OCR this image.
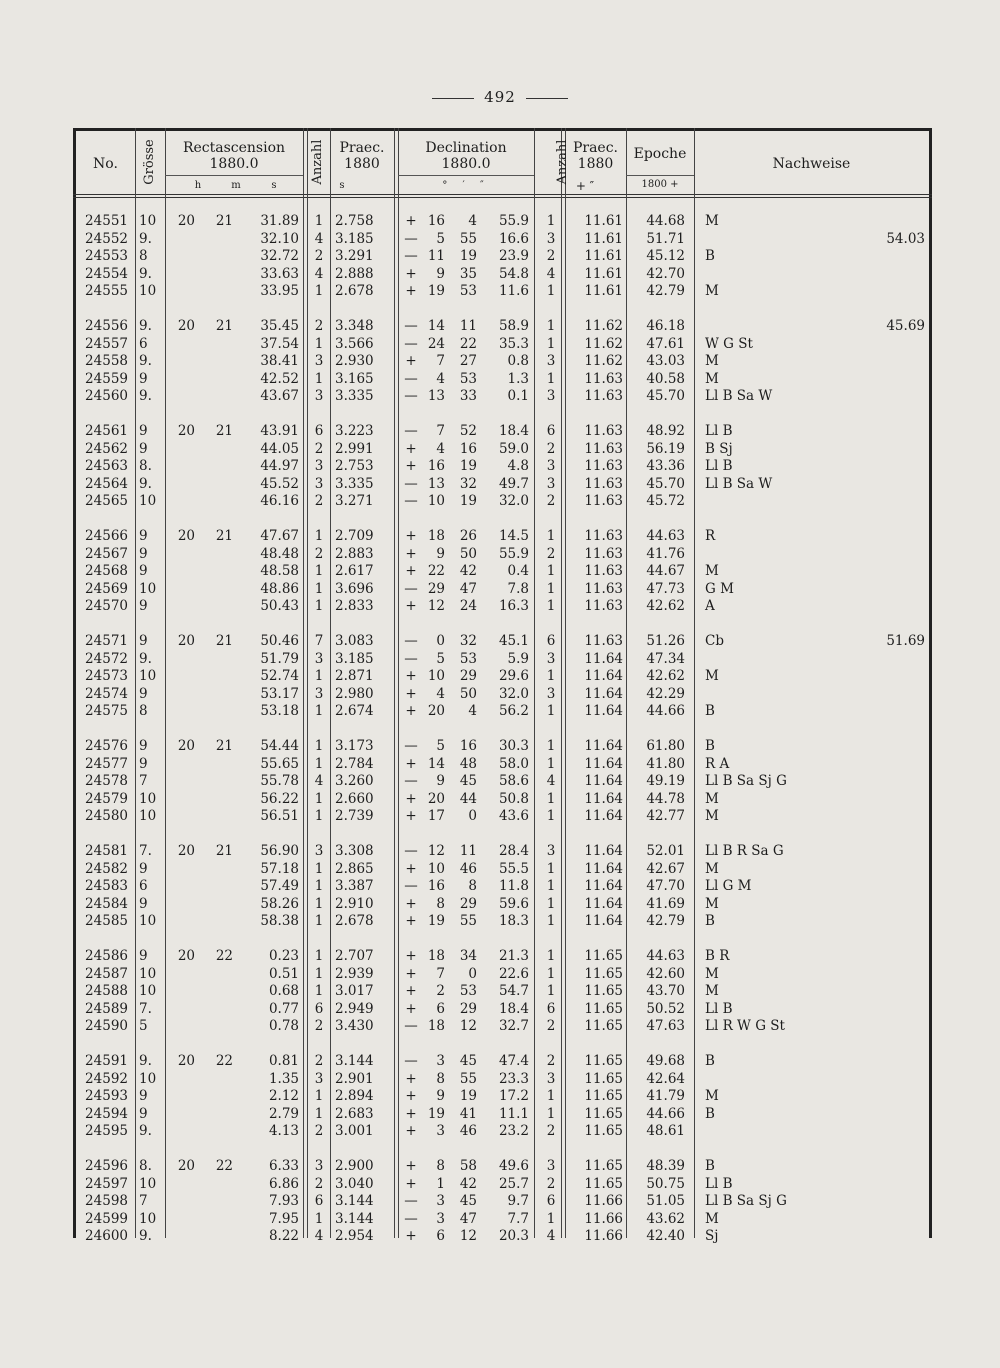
492
No.	Grösse	Rectascension
1880.0
h	m	s
Anzahl	Praec.
1880
s
Declination
1880.0
° ′ ″
Anzahl Praec.
1880
+ ″
Epoche
1800 +
Nachweise
24551 10	20	21	31.89	1 2.758	+ 16	4	55.9 1	11.61	44.68 M
24552 9.	32.10	4 3.185	—	5	55	16.6 3	11.61	51.71	54.03
24553 8	32.72	2 3.291	— 11	19	23.9 2	11.61	45.12 B
24554 9.	33.63	4 2.888	+	9	35	54.8 4	11.61	42.70
24555 10	33.95	1 2.678	+ 19	53	11.6 1	11.61	42.79 M
24556 9.	20	21	35.45	2 3.348	— 14	11	58.9 1	11.62	46.18	45.69
24557 6	37.54	1 3.566	— 24	22	35.3 1	11.62	47.61 W G St
24558 9.	38.41	3 2.930	+	7	27	0.8 3	11.62	43.03 M
24559 9	42.52	1 3.165	—	4	53	1.3 1	11.63	40.58 M
24560 9.	43.67	3 3.335	— 13	33	0.1 3	11.63	45.70 Ll B Sa W
24561 9	20	21	43.91	6 3.223	—	7	52	18.4 6	11.63	48.92 Ll B
24562 9	44.05	2 2.991	+	4	16	59.0 2	11.63	56.19 B Sj
24563 8.	44.97	3 2.753	+ 16	19	4.8 3	11.63	43.36 Ll B
24564 9.	45.52	3 3.335	— 13	32	49.7 3	11.63	45.70 Ll B Sa W
24565 10	46.16	2 3.271	— 10	19	32.0 2	11.63	45.72
24566 9	20	21	47.67	1 2.709	+ 18	26	14.5 1	11.63	44.63 R
24567 9	48.48	2 2.883	+	9	50	55.9 2	11.63	41.76
24568 9	48.58	1 2.617	+ 22	42	0.4 1	11.63	44.67 M
24569 10	48.86	1 3.696	— 29	47	7.8 1	11.63	47.73 G M
24570 9	50.43	1 2.833	+ 12	24	16.3 1	11.63	42.62 A
24571 9	20	21	50.46	7 3.083	—	0	32	45.1 6	11.63	51.26 Cb	51.69
24572 9.	51.79	3 3.185	—	5	53	5.9 3	11.64	47.34
24573 10	52.74	1 2.871	+ 10	29	29.6 1	11.64	42.62 M
24574 9	53.17	3 2.980	+	4	50	32.0 3	11.64	42.29
24575 8	53.18	1 2.674	+ 20	4	56.2 1	11.64	44.66 B
24576 9	20	21	54.44	1 3.173	—	5	16	30.3 1	11.64	61.80 B
24577 9	55.65	1 2.784	+ 14	48	58.0 1	11.64	41.80 R A
24578 7	55.78	4 3.260	—	9	45	58.6 4	11.64	49.19 Ll B Sa Sj G
24579 10	56.22	1 2.660	+ 20	44	50.8 1	11.64	44.78 M
24580 10	56.51	1 2.739	+ 17	0	43.6 1	11.64	42.77 M
24581 7.	20	21	56.90	3 3.308	— 12	11	28.4 3	11.64	52.01 Ll B R Sa G
24582 9	57.18	1 2.865	+ 10	46	55.5 1	11.64	42.67 M
24583 6	57.49	1 3.387	— 16	8	11.8 1	11.64	47.70 Ll G M
24584 9	58.26	1 2.910	+	8	29	59.6 1	11.64	41.69 M
24585 10	58.38	1 2.678	+ 19	55	18.3 1	11.64	42.79 B
24586 9	20	22	0.23	1 2.707	+ 18	34	21.3 1	11.65	44.63 B R
24587 10	0.51	1 2.939	+	7	0	22.6 1	11.65	42.60 M
24588 10	0.68	1 3.017	+	2	53	54.7 1	11.65	43.70 M
24589 7.	0.77	6 2.949	+	6	29	18.4 6	11.65	50.52 Ll B
24590 5	0.78	2 3.430	— 18	12	32.7 2	11.65	47.63 Ll R W G St
24591 9.	20	22	0.81	2 3.144	—	3	45	47.4 2	11.65	49.68 B
24592 10	1.35	3 2.901	+	8	55	23.3 3	11.65	42.64
24593 9	2.12	1 2.894	+	9	19	17.2 1	11.65	41.79 M
24594 9	2.79	1 2.683	+ 19	41	11.1 1	11.65	44.66 B
24595 9.	4.13	2 3.001	+	3	46	23.2 2	11.65	48.61
24596 8.	20	22	6.33	3 2.900	+	8	58	49.6 3	11.65	48.39 B
24597 10	6.86	2 3.040	+	1	42	25.7 2	11.65	50.75 Ll B
24598 7	7.93	6 3.144	—	3	45	9.7 6	11.66	51.05 Ll B Sa Sj G
24599 10	7.95	1 3.144	—	3	47	7.7 1	11.66	43.62 M
24600 9.	8.22	4 2.954	+	6	12	20.3 4	11.66	42.40 Sj
